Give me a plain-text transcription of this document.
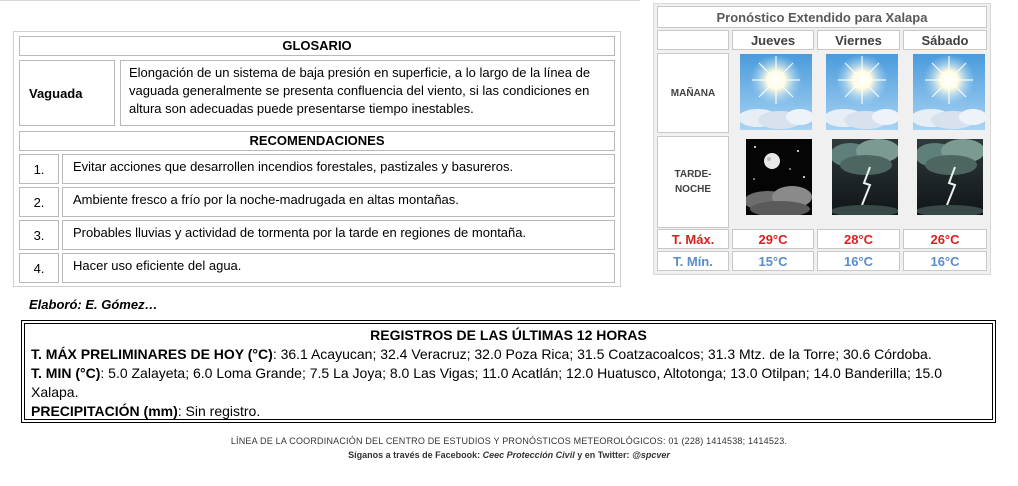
GLOSARIO
Vaguada
Elongación de un sistema de baja presión en superficie, a lo largo de la línea de vaguada generalmente se presenta confluencia del viento, si las condiciones en altura son adecuadas puede presentarse tiempo inestables.
RECOMENDACIONES
1.	Evitar acciones que desarrollen incendios forestales, pastizales y basureros.
2.	Ambiente fresco a frío por la noche-madrugada en altas montañas.
3.	Probables lluvias y actividad de tormenta por la tarde en regiones de montaña.
4.	Hacer uso eficiente del agua.
Pronóstico Extendido para Xalapa
Jueves	Viernes	Sábado
MAÑANA
TARDE-
NOCHE
T. Máx.	29°C	28°C	26°C
T. Mín.	15°C	16°C	16°C
Elaboró: E. Gómez…
REGISTROS DE LAS ÚLTIMAS 12 HORAS
T. MÁX PRELIMINARES DE HOY (°C): 36.1 Acayucan; 32.4 Veracruz; 32.0 Poza Rica; 31.5 Coatzacoalcos; 31.3 Mtz. de la Torre; 30.6 Córdoba.
T. MIN (°C): 5.0 Zalayeta; 6.0 Loma Grande; 7.5 La Joya; 8.0 Las Vigas; 11.0 Acatlán; 12.0 Huatusco, Altotonga; 13.0 Otilpan; 14.0 Banderilla; 15.0 Xalapa.
PRECIPITACIÓN (mm): Sin registro.
LÍNEA DE LA COORDINACIÓN DEL CENTRO DE ESTUDIOS Y PRONÓSTICOS METEOROLÓGICOS: 01 (228) 1414538; 1414523.
Síganos a través de Facebook: Ceec Protección Civil y en Twitter: @spcver
